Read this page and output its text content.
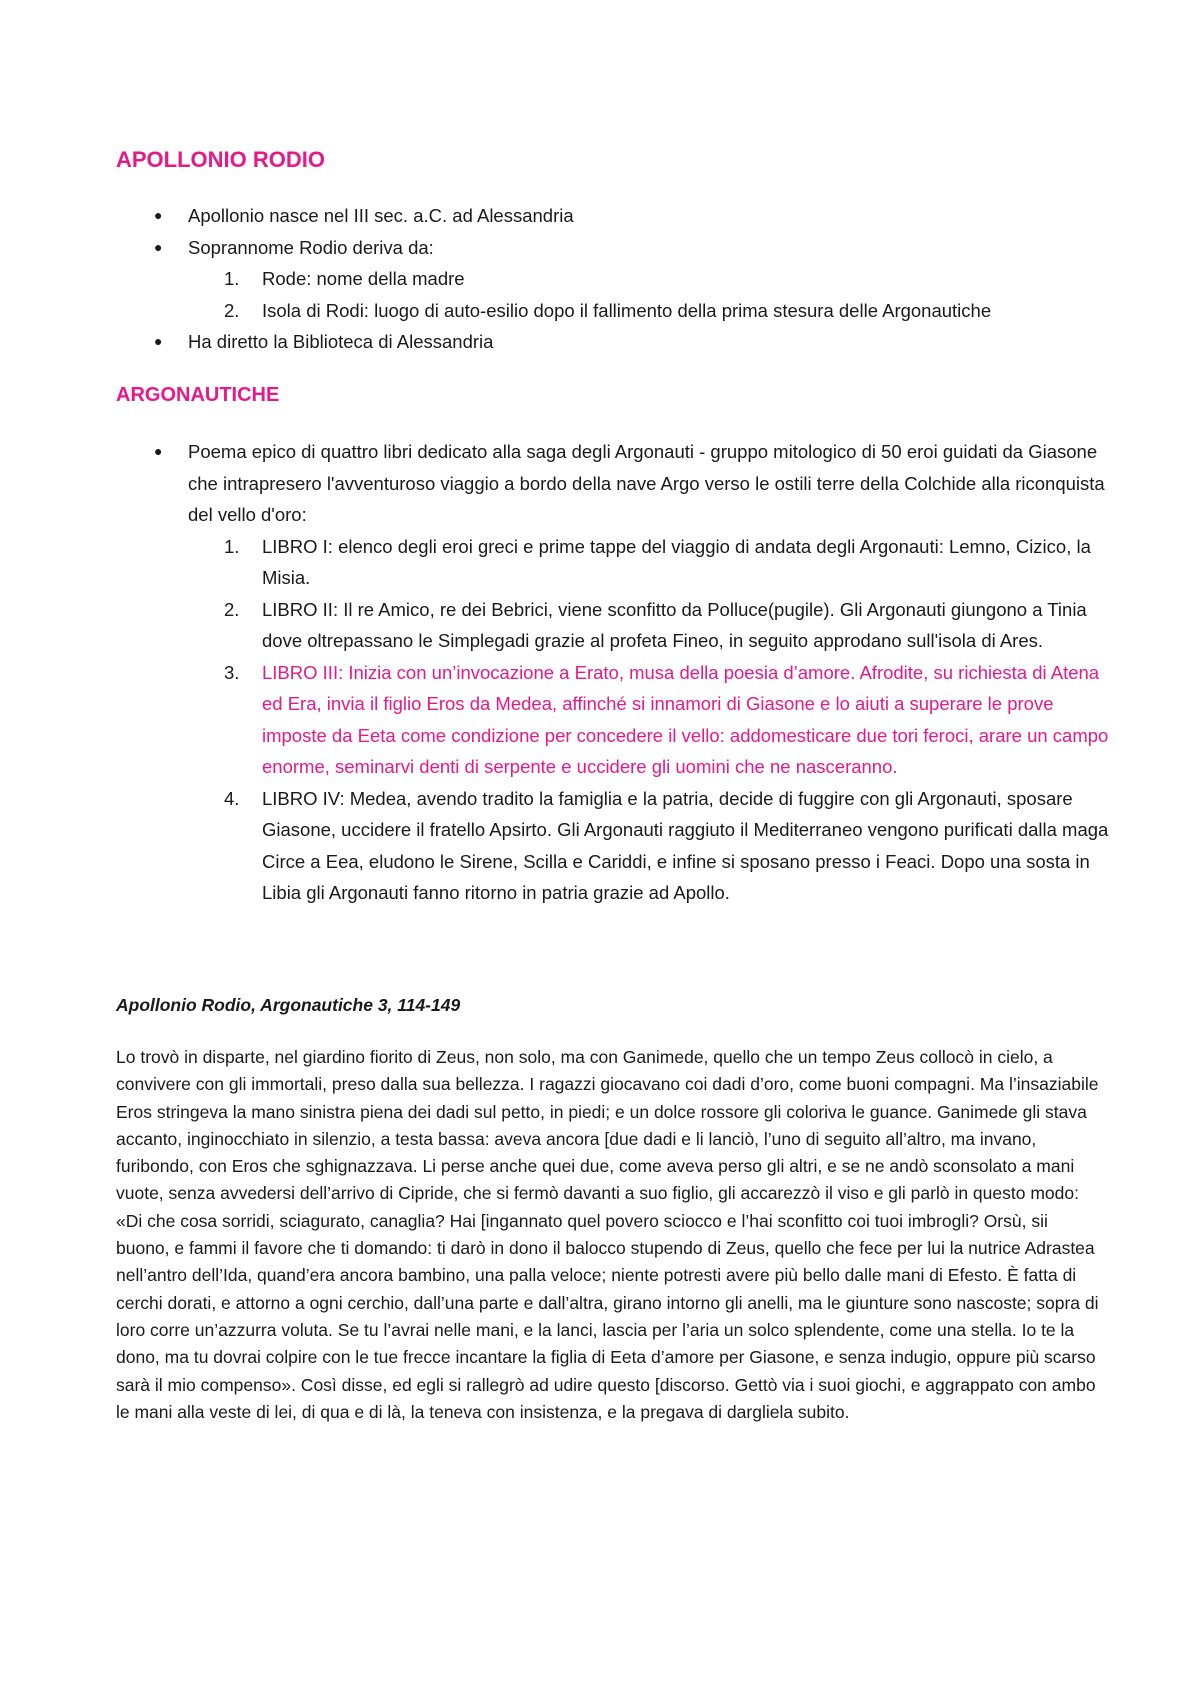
APOLLONIO RODIO
● Apollonio nasce nel III sec. a.C. ad Alessandria
● Soprannome Rodio deriva da:
1. Rode: nome della madre
2. Isola di Rodi: luogo di auto-esilio dopo il fallimento della prima stesura delle Argonautiche
● Ha diretto la Biblioteca di Alessandria
ARGONAUTICHE
● Poema epico di quattro libri dedicato alla saga degli Argonauti - gruppo mitologico di 50 eroi guidati da Giasone che intrapresero l'avventuroso viaggio a bordo della nave Argo verso le ostili terre della Colchide alla riconquista del vello d'oro:
1. LIBRO I: elenco degli eroi greci e prime tappe del viaggio di andata degli Argonauti: Lemno, Cizico, la Misia.
2. LIBRO II: Il re Amico, re dei Bebrici, viene sconfitto da Polluce(pugile). Gli Argonauti giungono a Tinia dove oltrepassano le Simplegadi grazie al profeta Fineo, in seguito approdano sull'isola di Ares.
3. LIBRO III: Inizia con un’invocazione a Erato, musa della poesia d’amore. Afrodite, su richiesta di Atena ed Era, invia il figlio Eros da Medea, affinché si innamori di Giasone e lo aiuti a superare le prove imposte da Eeta come condizione per concedere il vello: addomesticare due tori feroci, arare un campo enorme, seminarvi denti di serpente e uccidere gli uomini che ne nasceranno.
4. LIBRO IV: Medea, avendo tradito la famiglia e la patria, decide di fuggire con gli Argonauti, sposare Giasone, uccidere il fratello Apsirto. Gli Argonauti raggiuto il Mediterraneo vengono purificati dalla maga Circe a Eea, eludono le Sirene, Scilla e Cariddi, e infine si sposano presso i Feaci. Dopo una sosta in Libia gli Argonauti fanno ritorno in patria grazie ad Apollo.

Apollonio Rodio, Argonautiche 3, 114-149

Lo trovò in disparte, nel giardino fiorito di Zeus, non solo, ma con Ganimede, quello che un tempo Zeus collocò in cielo, a convivere con gli immortali, preso dalla sua bellezza. I ragazzi giocavano coi dadi d’oro, come buoni compagni. Ma l’insaziabile Eros stringeva la mano sinistra piena dei dadi sul petto, in piedi; e un dolce rossore gli coloriva le guance. Ganimede gli stava accanto, inginocchiato in silenzio, a testa bassa: aveva ancora [due dadi e li lanciò, l’uno di seguito all’altro, ma invano, furibondo, con Eros che sghignazzava. Li perse anche quei due, come aveva perso gli altri, e se ne andò sconsolato a mani vuote, senza avvedersi dell’arrivo di Cipride, che si fermò davanti a suo figlio, gli accarezzò il viso e gli parlò in questo modo: «Di che cosa sorridi, sciagurato, canaglia? Hai [ingannato quel povero sciocco e l’hai sconfitto coi tuoi imbrogli? Orsù, sii buono, e fammi il favore che ti domando: ti darò in dono il balocco stupendo di Zeus, quello che fece per lui la nutrice Adrastea nell’antro dell’Ida, quand’era ancora bambino, una palla veloce; niente potresti avere più bello dalle mani di Efesto. È fatta di cerchi dorati, e attorno a ogni cerchio, dall’una parte e dall’altra, girano intorno gli anelli, ma le giunture sono nascoste; sopra di loro corre un’azzurra voluta. Se tu l’avrai nelle mani, e la lanci, lascia per l’aria un solco splendente, come una stella. Io te la dono, ma tu dovrai colpire con le tue frecce incantare la figlia di Eeta d’amore per Giasone, e senza indugio, oppure più scarso sarà il mio compenso». Così disse, ed egli si rallegrò ad udire questo [discorso. Gettò via i suoi giochi, e aggrappato con ambo le mani alla veste di lei, di qua e di là, la teneva con insistenza, e la pregava di dargliela subito.
